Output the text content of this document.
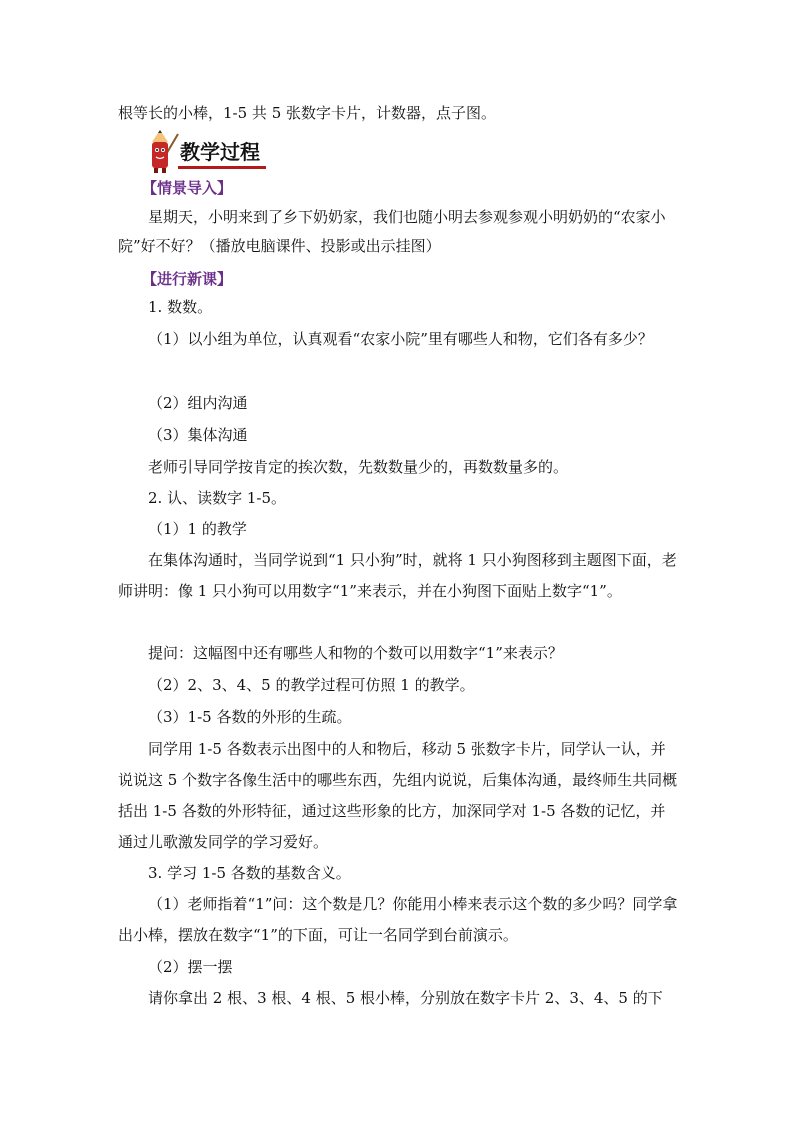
根等长的小棒，1-5 共 5 张数字卡片，计数器，点子图。
教学过程
【情景导入】
星期天，小明来到了乡下奶奶家，我们也随小明去参观参观小明奶奶的“农家小院”好不好？（播放电脑课件、投影或出示挂图）
【进行新课】
1. 数数。
（1）以小组为单位，认真观看“农家小院”里有哪些人和物，它们各有多少？
（2）组内沟通
（3）集体沟通
老师引导同学按肯定的挨次数，先数数量少的，再数数量多的。
2. 认、读数字 1-5。
（1）1 的教学
在集体沟通时，当同学说到“1 只小狗”时，就将 1 只小狗图移到主题图下面，老师讲明：像 1 只小狗可以用数字“1”来表示，并在小狗图下面贴上数字“1”。
提问：这幅图中还有哪些人和物的个数可以用数字“1”来表示？
（2）2、3、4、5 的教学过程可仿照 1 的教学。
（3）1-5 各数的外形的生疏。
同学用 1-5 各数表示出图中的人和物后，移动 5 张数字卡片，同学认一认，并说说这 5 个数字各像生活中的哪些东西，先组内说说，后集体沟通，最终师生共同概括出 1-5 各数的外形特征，通过这些形象的比方，加深同学对 1-5 各数的记忆，并通过儿歌激发同学的学习爱好。
3. 学习 1-5 各数的基数含义。
（1）老师指着“1”问：这个数是几？你能用小棒来表示这个数的多少吗？同学拿出小棒，摆放在数字“1”的下面，可让一名同学到台前演示。
（2）摆一摆
请你拿出 2 根、3 根、4 根、5 根小棒，分别放在数字卡片 2、3、4、5 的下
